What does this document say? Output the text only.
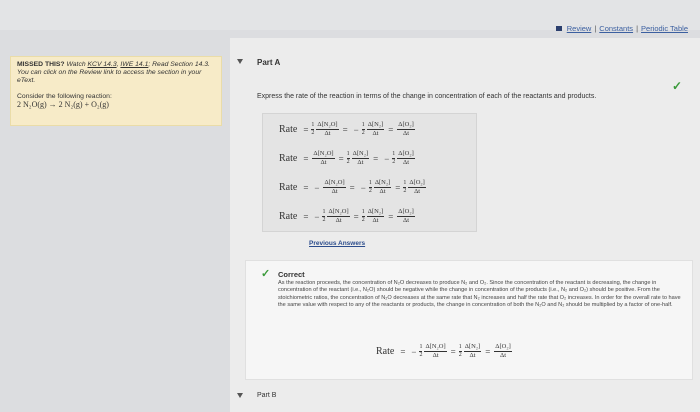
Review | Constants | Periodic Table
MISSED THIS? Watch KCV 14.3, IWE 14.1; Read Section 14.3. You can click on the Review link to access the section in your eText.
Consider the following reaction:
2 N₂O(g) → 2 N₂(g) + O₂(g)
Part A
✓
Express the rate of the reaction in terms of the change in concentration of each of the reactants and products.
Rate = $\frac{1}{2} \frac{\text{Δ[N₂O]}}{\Delta t}$ = − $\frac{1}{2} \frac{\text{Δ[N₂]}}{\Delta t} = \frac{\text{Δ[O₂]}}{\Delta t}$
Rate = $\frac{\text{Δ[N₂O]}}{\Delta t} = \frac{1}{2} \frac{\text{Δ[N₂]}}{\Delta t}$ = − $\frac{1}{2} \frac{\text{Δ[O₂]}}{\Delta t}$
Rate = − $\frac{\text{Δ[N₂O]}}{\Delta t}$ = − $\frac{1}{2} \frac{\text{Δ[N₂]}}{\Delta t} = \frac{1}{2} \frac{\text{Δ[O₂]}}{\Delta t}$
Rate = − $\frac{1}{2} \frac{\text{Δ[N₂O]}}{\Delta t} = \frac{1}{2} \frac{\text{Δ[N₂]}}{\Delta t} = \frac{\text{Δ[O₂]}}{\Delta t}$
Previous Answers
✓ Correct
As the reaction proceeds, the concentration of N₂O decreases to produce N₂ and O₂. Since the concentration of the reactant is decreasing, the change in concentration of the reactant (i.e., N₂O) should be negative while the change in concentration of the products (i.e., N₂ and O₂) should be positive. From the stoichiometric ratios, the concentration of N₂O decreases at the same rate that N₂ increases and half the rate that O₂ increases. In order for the overall rate to have the same value with respect to any of the reactants or products, the change in concentration of both the N₂O and N₂ should be multiplied by a factor of one-half.
Rate = − $\frac{1}{2} \frac{\text{Δ[N₂O]}}{\Delta t} = \frac{1}{2} \frac{\text{Δ[N₂]}}{\Delta t} = \frac{\text{Δ[O₂]}}{\Delta t}$
Part B
